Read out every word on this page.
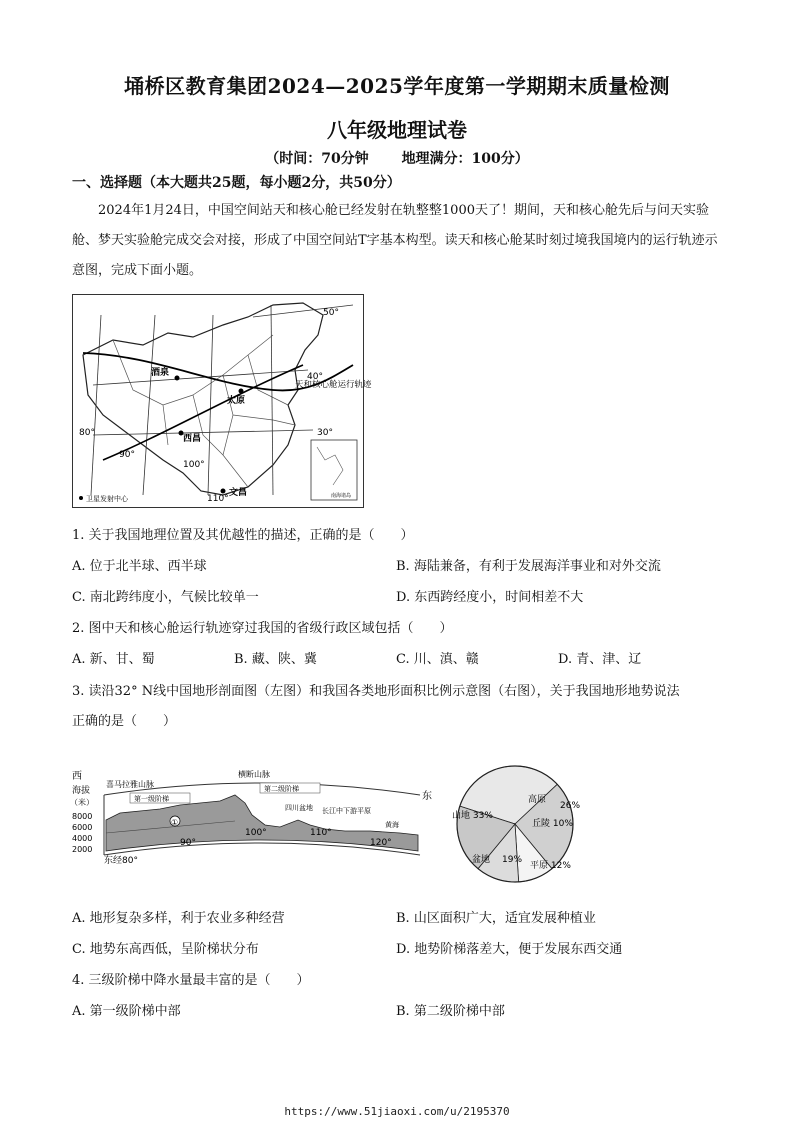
埇桥区教育集团2024—2025学年度第一学期期末质量检测
八年级地理试卷
（时间：70分钟 地理满分：100分）
一、选择题（本大题共25题，每小题2分，共50分）
2024年1月24日，中国空间站天和核心舱已经发射在轨整整1000天了！期间，天和核心舱先后与问天实验舱、梦天实验舱完成交会对接，形成了中国空间站T字基本构型。读天和核心舱某时刻过境我国境内的运行轨迹示意图，完成下面小题。
50°
40°
30°
80°
90°
100°
110°
酒泉
太原
西昌
文昌
天和核心舱运行轨迹
南海诸岛
卫星发射中心
1. 关于我国地理位置及其优越性的描述，正确的是（　　）
A. 位于北半球、西半球	B. 海陆兼备，有利于发展海洋事业和对外交流
C. 南北跨纬度小，气候比较单一	D. 东西跨经度小，时间相差不大
2. 图中天和核心舱运行轨迹穿过我国的省级行政区域包括（　　）
A. 新、甘、蜀	B. 藏、陕、冀	C. 川、滇、赣	D. 青、津、辽
3. 读沿32° N线中国地形剖面图（左图）和我国各类地形面积比例示意图（右图），关于我国地形地势说法
正确的是（　　）
西
海拔
（米）
8000
6000
4000
2000
第一级阶梯
第二级阶梯
喜马拉雅山脉
横断山脉
四川盆地 长江中下游平原
黄海
①
东经80°
90°
100°	110°
120°
东
山地 33%
高原
26%
丘陵 10%
盆地 19%
平原 12%
A. 地形复杂多样，利于农业多种经营	B. 山区面积广大，适宜发展种植业
C. 地势东高西低，呈阶梯状分布	D. 地势阶梯落差大，便于发展东西交通
4. 三级阶梯中降水量最丰富的是（　　）
A. 第一级阶梯中部	B. 第二级阶梯中部
https://www.51jiaoxi.com/u/2195370
